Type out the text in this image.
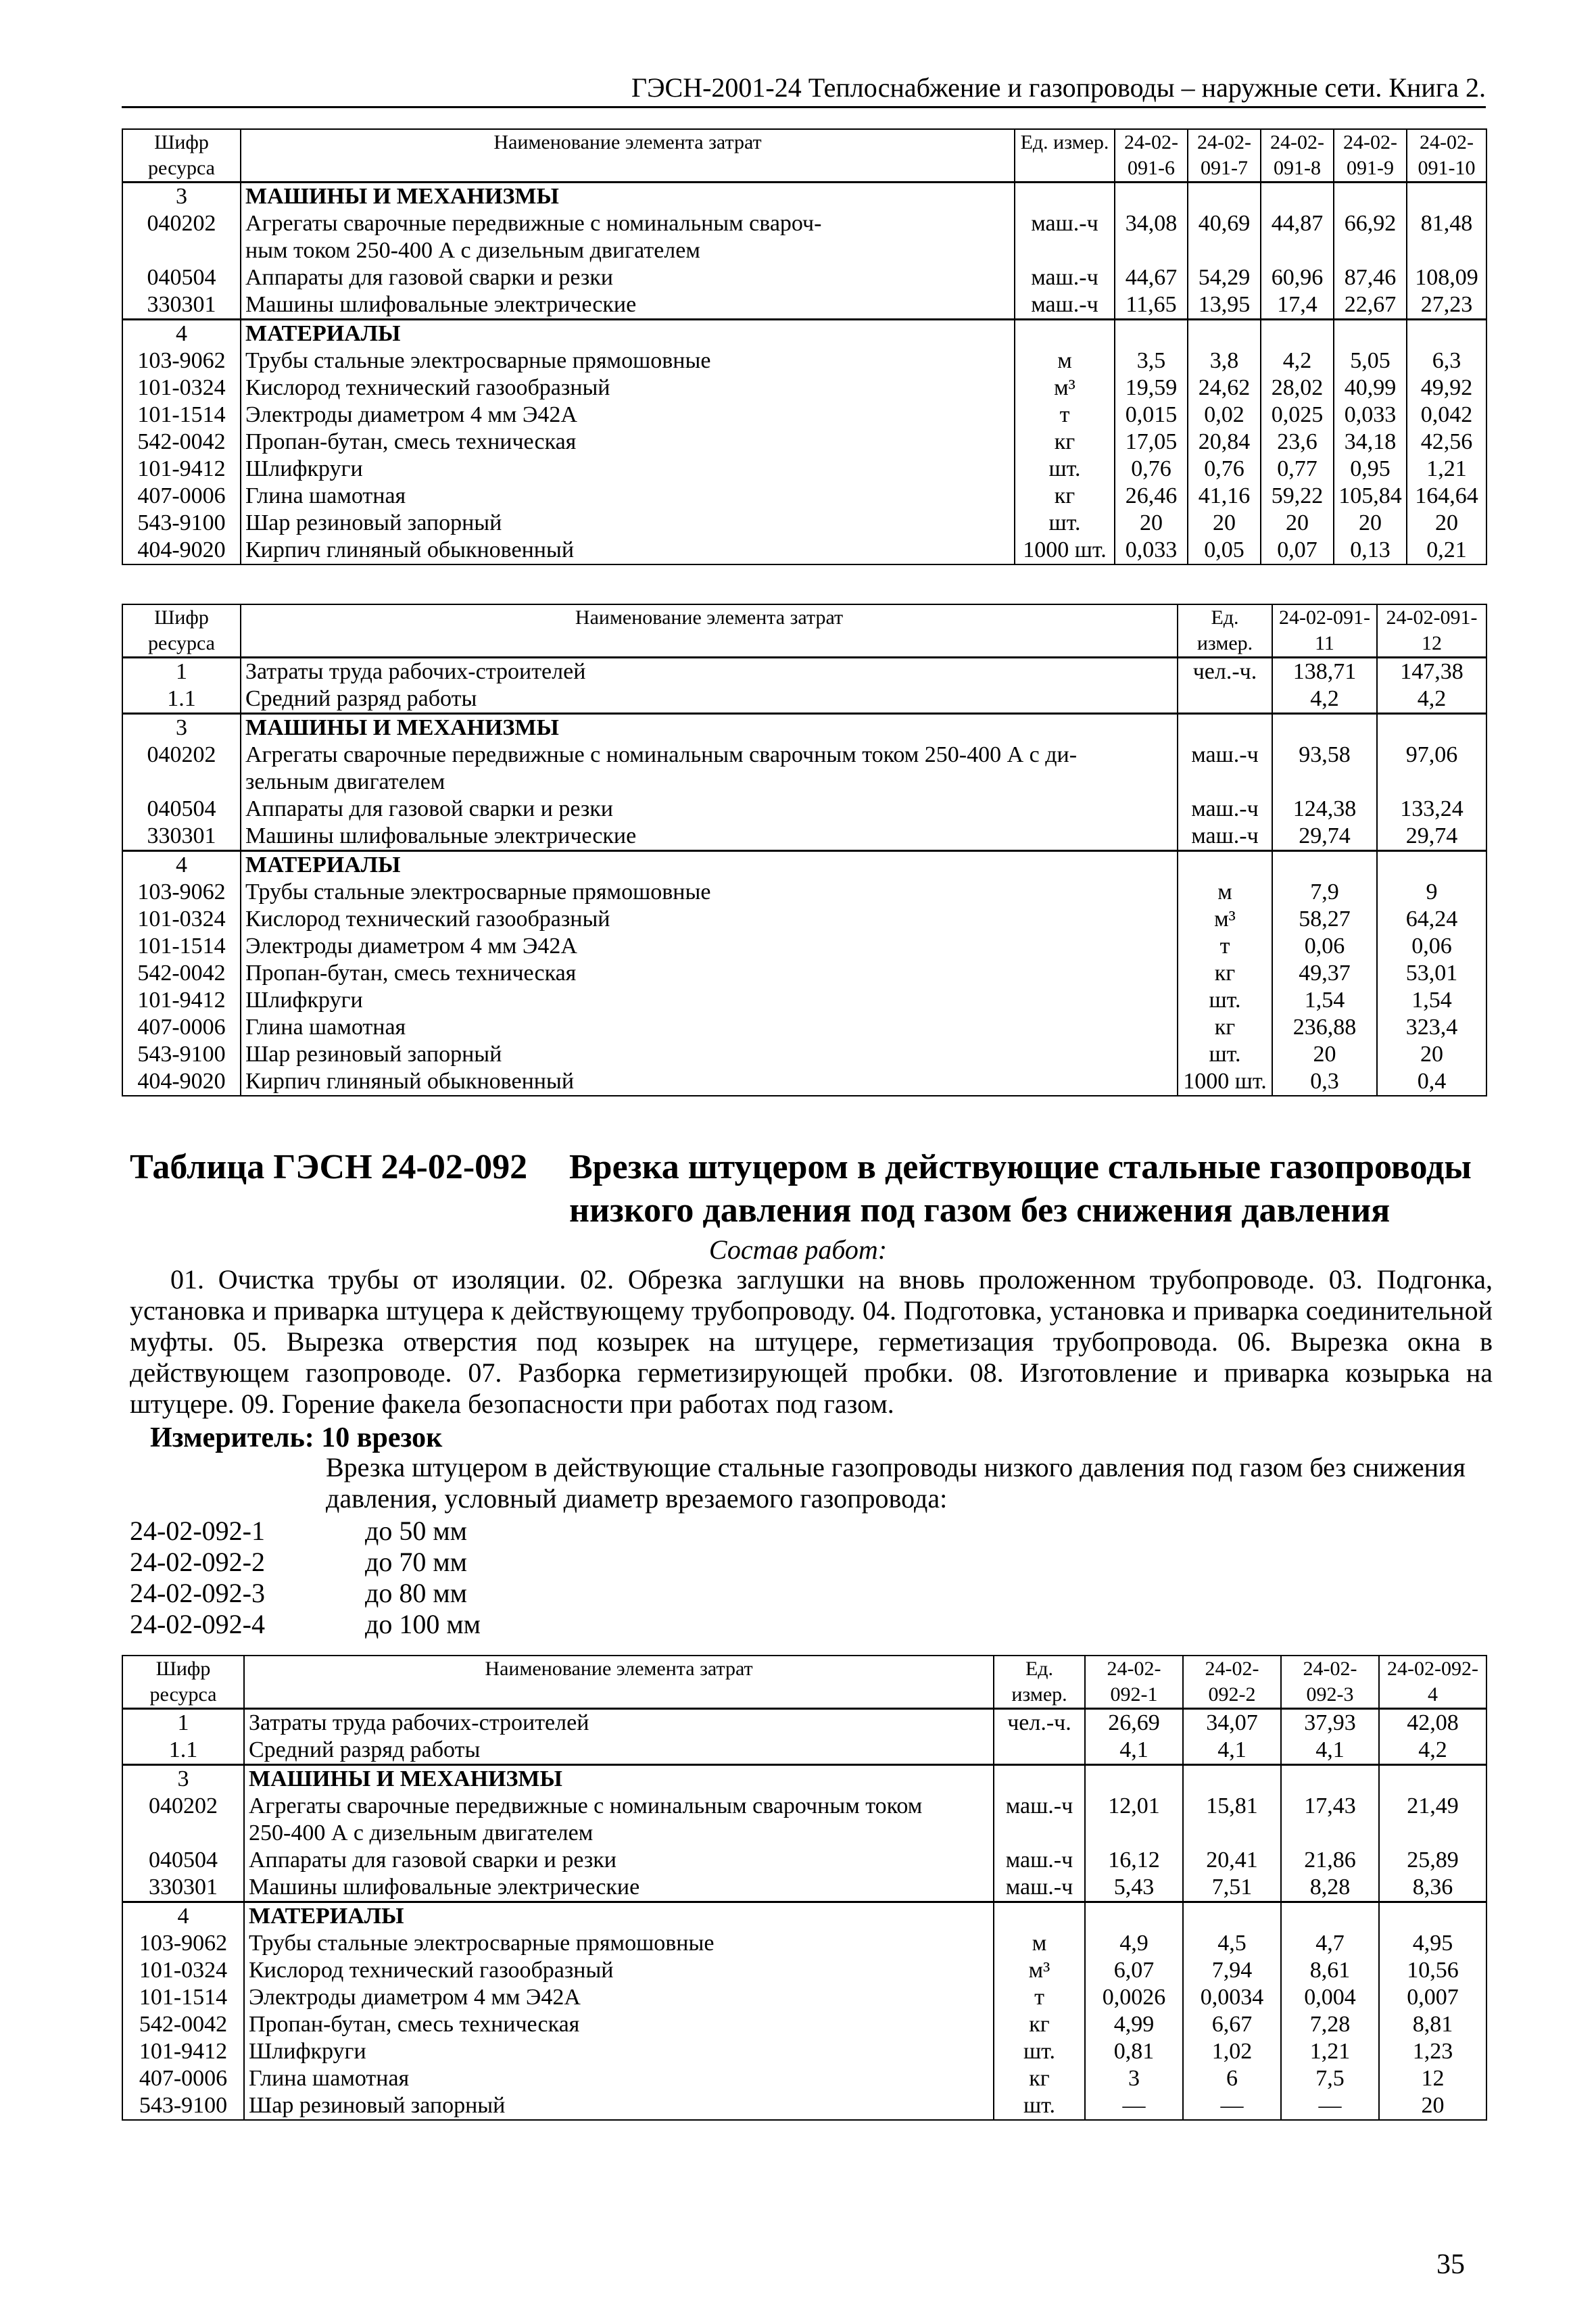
ГЭСН-2001-24 Теплоснабжение и газопроводы – наружные сети. Книга 2.
Шифр ресурса	Наименование элемента затрат	Ед. измер.	24-02-091-6	24-02-091-7	24-02-091-8	24-02-091-9	24-02-091-10
3	МАШИНЫ И МЕХАНИЗМЫ						
040202	Агрегаты сварочные передвижные с номинальным свароч-	маш.-ч	34,08	40,69	44,87	66,92	81,48
	ным током 250-400 А с дизельным двигателем						
040504	Аппараты для газовой сварки и резки	маш.-ч	44,67	54,29	60,96	87,46	108,09
330301	Машины шлифовальные электрические	маш.-ч	11,65	13,95	17,4	22,67	27,23
4	МАТЕРИАЛЫ						
103-9062	Трубы стальные электросварные прямошовные	м	3,5	3,8	4,2	5,05	6,3
101-0324	Кислород технический газообразный	м³	19,59	24,62	28,02	40,99	49,92
101-1514	Электроды диаметром 4 мм Э42А	т	0,015	0,02	0,025	0,033	0,042
542-0042	Пропан-бутан, смесь техническая	кг	17,05	20,84	23,6	34,18	42,56
101-9412	Шлифкруги	шт.	0,76	0,76	0,77	0,95	1,21
407-0006	Глина шамотная	кг	26,46	41,16	59,22	105,84	164,64
543-9100	Шар резиновый запорный	шт.	20	20	20	20	20
404-9020	Кирпич глиняный обыкновенный	1000 шт.	0,033	0,05	0,07	0,13	0,21
Шифр ресурса	Наименование элемента затрат	Ед. измер.	24-02-091-11	24-02-091-12
1	Затраты труда рабочих-строителей	чел.-ч.	138,71	147,38
1.1	Средний разряд работы		4,2	4,2
3	МАШИНЫ И МЕХАНИЗМЫ			
040202	Агрегаты сварочные передвижные с номинальным сварочным током 250-400 А с ди-	маш.-ч	93,58	97,06
	зельным двигателем			
040504	Аппараты для газовой сварки и резки	маш.-ч	124,38	133,24
330301	Машины шлифовальные электрические	маш.-ч	29,74	29,74
4	МАТЕРИАЛЫ			
103-9062	Трубы стальные электросварные прямошовные	м	7,9	9
101-0324	Кислород технический газообразный	м³	58,27	64,24
101-1514	Электроды диаметром 4 мм Э42А	т	0,06	0,06
542-0042	Пропан-бутан, смесь техническая	кг	49,37	53,01
101-9412	Шлифкруги	шт.	1,54	1,54
407-0006	Глина шамотная	кг	236,88	323,4
543-9100	Шар резиновый запорный	шт.	20	20
404-9020	Кирпич глиняный обыкновенный	1000 шт.	0,3	0,4
Таблица ГЭСН 24-02-092 Врезка штуцером в действующие стальные газопроводы низкого давления под газом без снижения давления
Состав работ:
01. Очистка трубы от изоляции. 02. Обрезка заглушки на вновь проложенном трубопроводе. 03. Подгонка, установка и приварка штуцера к действующему трубопроводу. 04. Подготовка, установка и приварка соединительной муфты. 05. Вырезка отверстия под козырек на штуцере, герметизация трубопровода. 06. Вырезка окна в действующем газопроводе. 07. Разборка герметизирующей пробки. 08. Изготовление и приварка козырька на штуцере. 09. Горение факела безопасности при работах под газом.
Измеритель: 10 врезок
Врезка штуцером в действующие стальные газопроводы низкого давления под газом без снижения давления, условный диаметр врезаемого газопровода:
24-02-092-1	до 50 мм
24-02-092-2	до 70 мм
24-02-092-3	до 80 мм
24-02-092-4	до 100 мм
Шифр ресурса	Наименование элемента затрат	Ед. измер.	24-02-092-1	24-02-092-2	24-02-092-3	24-02-092-4
1	Затраты труда рабочих-строителей	чел.-ч.	26,69	34,07	37,93	42,08
1.1	Средний разряд работы		4,1	4,1	4,1	4,2
3	МАШИНЫ И МЕХАНИЗМЫ					
040202	Агрегаты сварочные передвижные с номинальным сварочным током	маш.-ч	12,01	15,81	17,43	21,49
	250-400 А с дизельным двигателем					
040504	Аппараты для газовой сварки и резки	маш.-ч	16,12	20,41	21,86	25,89
330301	Машины шлифовальные электрические	маш.-ч	5,43	7,51	8,28	8,36
4	МАТЕРИАЛЫ					
103-9062	Трубы стальные электросварные прямошовные	м	4,9	4,5	4,7	4,95
101-0324	Кислород технический газообразный	м³	6,07	7,94	8,61	10,56
101-1514	Электроды диаметром 4 мм Э42А	т	0,0026	0,0034	0,004	0,007
542-0042	Пропан-бутан, смесь техническая	кг	4,99	6,67	7,28	8,81
101-9412	Шлифкруги	шт.	0,81	1,02	1,21	1,23
407-0006	Глина шамотная	кг	3	6	7,5	12
543-9100	Шар резиновый запорный	шт.	—	—	—	20
35
